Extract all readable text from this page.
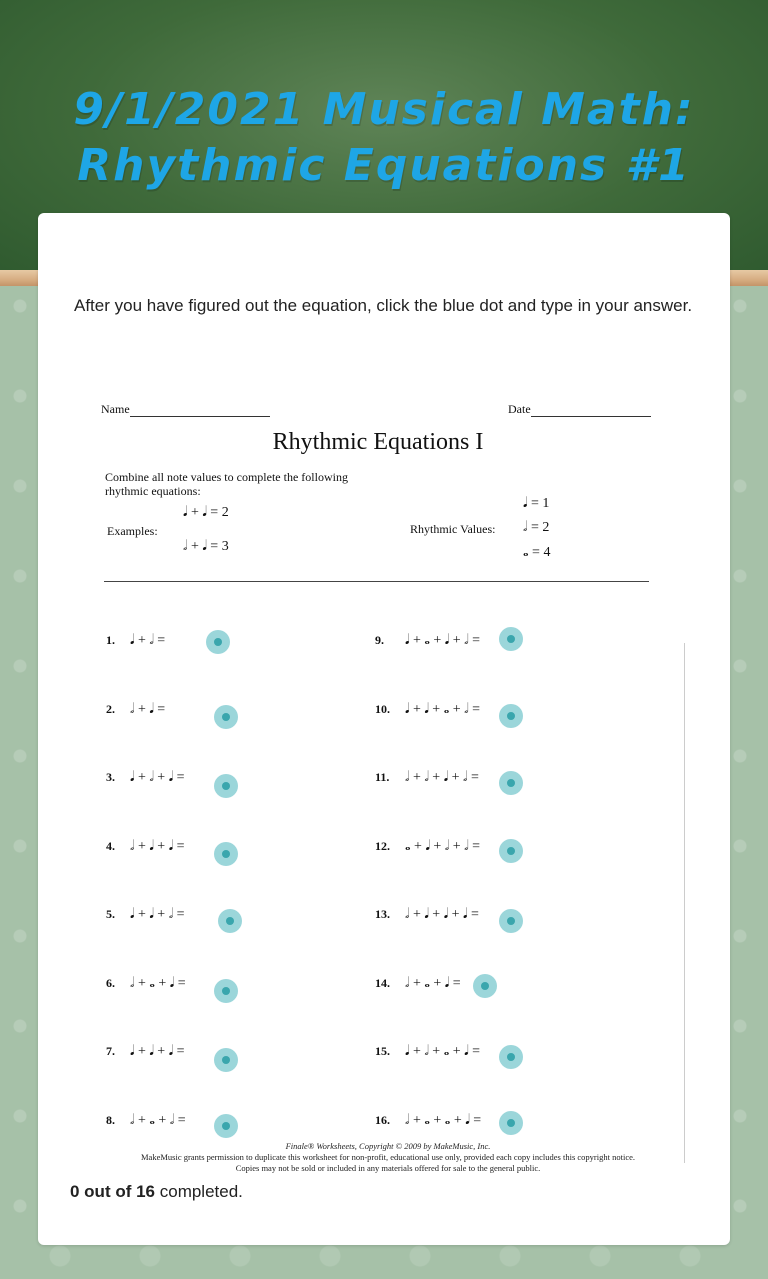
9/1/2021 Musical Math:
Rhythmic Equations #1
After you have figured out the equation, click the blue dot and type in your answer.
Name	Date
Rhythmic Equations I
Combine all note values to complete the following rhythmic equations:
Examples:
𝅘𝅥 + 𝅘𝅥 = 2
𝅗𝅥 + 𝅘𝅥 = 3
Rhythmic Values:
𝅘𝅥 = 1
𝅗𝅥 = 2
𝅝 = 4
1. 𝅘𝅥 + 𝅗𝅥 =
2. 𝅗𝅥 + 𝅘𝅥 =
3. 𝅘𝅥 + 𝅗𝅥 + 𝅘𝅥 =
4. 𝅗𝅥 + 𝅘𝅥 + 𝅘𝅥 =
5. 𝅘𝅥 + 𝅘𝅥 + 𝅗𝅥 =
6. 𝅗𝅥 + 𝅝 + 𝅘𝅥 =
7. 𝅘𝅥 + 𝅘𝅥 + 𝅘𝅥 =
8. 𝅗𝅥 + 𝅝 + 𝅗𝅥 =
9. 𝅘𝅥 + 𝅝 + 𝅘𝅥 + 𝅗𝅥 =
10. 𝅘𝅥 + 𝅘𝅥 + 𝅝 + 𝅗𝅥 =
11. 𝅗𝅥 + 𝅗𝅥 + 𝅘𝅥 + 𝅗𝅥 =
12. 𝅝 + 𝅘𝅥 + 𝅗𝅥 + 𝅗𝅥 =
13. 𝅗𝅥 + 𝅘𝅥 + 𝅘𝅥 + 𝅘𝅥 =
14. 𝅗𝅥 + 𝅝 + 𝅘𝅥 =
15. 𝅘𝅥 + 𝅗𝅥 + 𝅝 + 𝅘𝅥 =
16. 𝅗𝅥 + 𝅝 + 𝅝 + 𝅘𝅥 =
Finale® Worksheets, Copyright © 2009 by MakeMusic, Inc.
MakeMusic grants permission to duplicate this worksheet for non-profit, educational use only, provided each copy includes this copyright notice.
Copies may not be sold or included in any materials offered for sale to the general public.
0 out of 16 completed.
